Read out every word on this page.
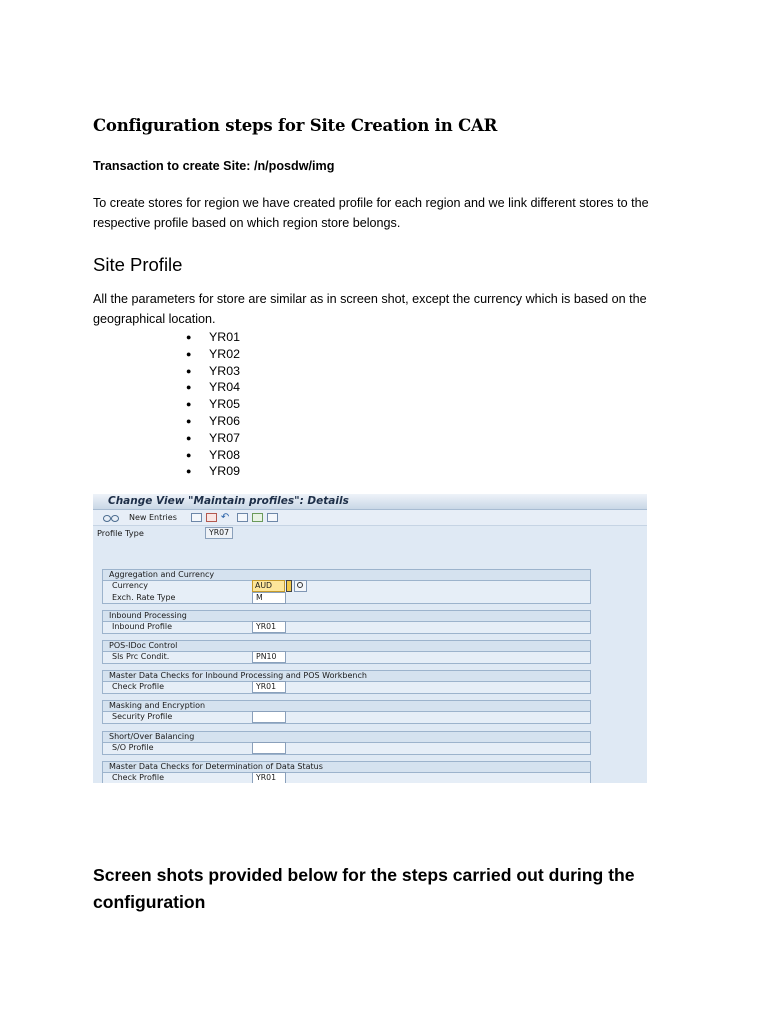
Configuration steps for Site Creation in CAR
Transaction to create Site: /n/posdw/img
To create stores for region we have created profile for each region and we link different stores to the respective profile based on which region store belongs.
Site Profile
All the parameters for store are similar as in screen shot, except the currency which is based on the geographical location.
● YR01
● YR02
● YR03
● YR04
● YR05
● YR06
● YR07
● YR08
● YR09
Change View "Maintain profiles": Details
New Entries	↶
Profile Type	YR07
Aggregation and Currency
Currency	AUD
Exch. Rate Type	M
Inbound Processing
Inbound Profile	YR01
POS-IDoc Control
Sls Prc Condit.	PN10
Master Data Checks for Inbound Processing and POS Workbench
Check Profile	YR01
Masking and Encryption
Security Profile
Short/Over Balancing
S/O Profile
Master Data Checks for Determination of Data Status
Check Profile	YR01
Screen shots provided below for the steps carried out during the configuration
